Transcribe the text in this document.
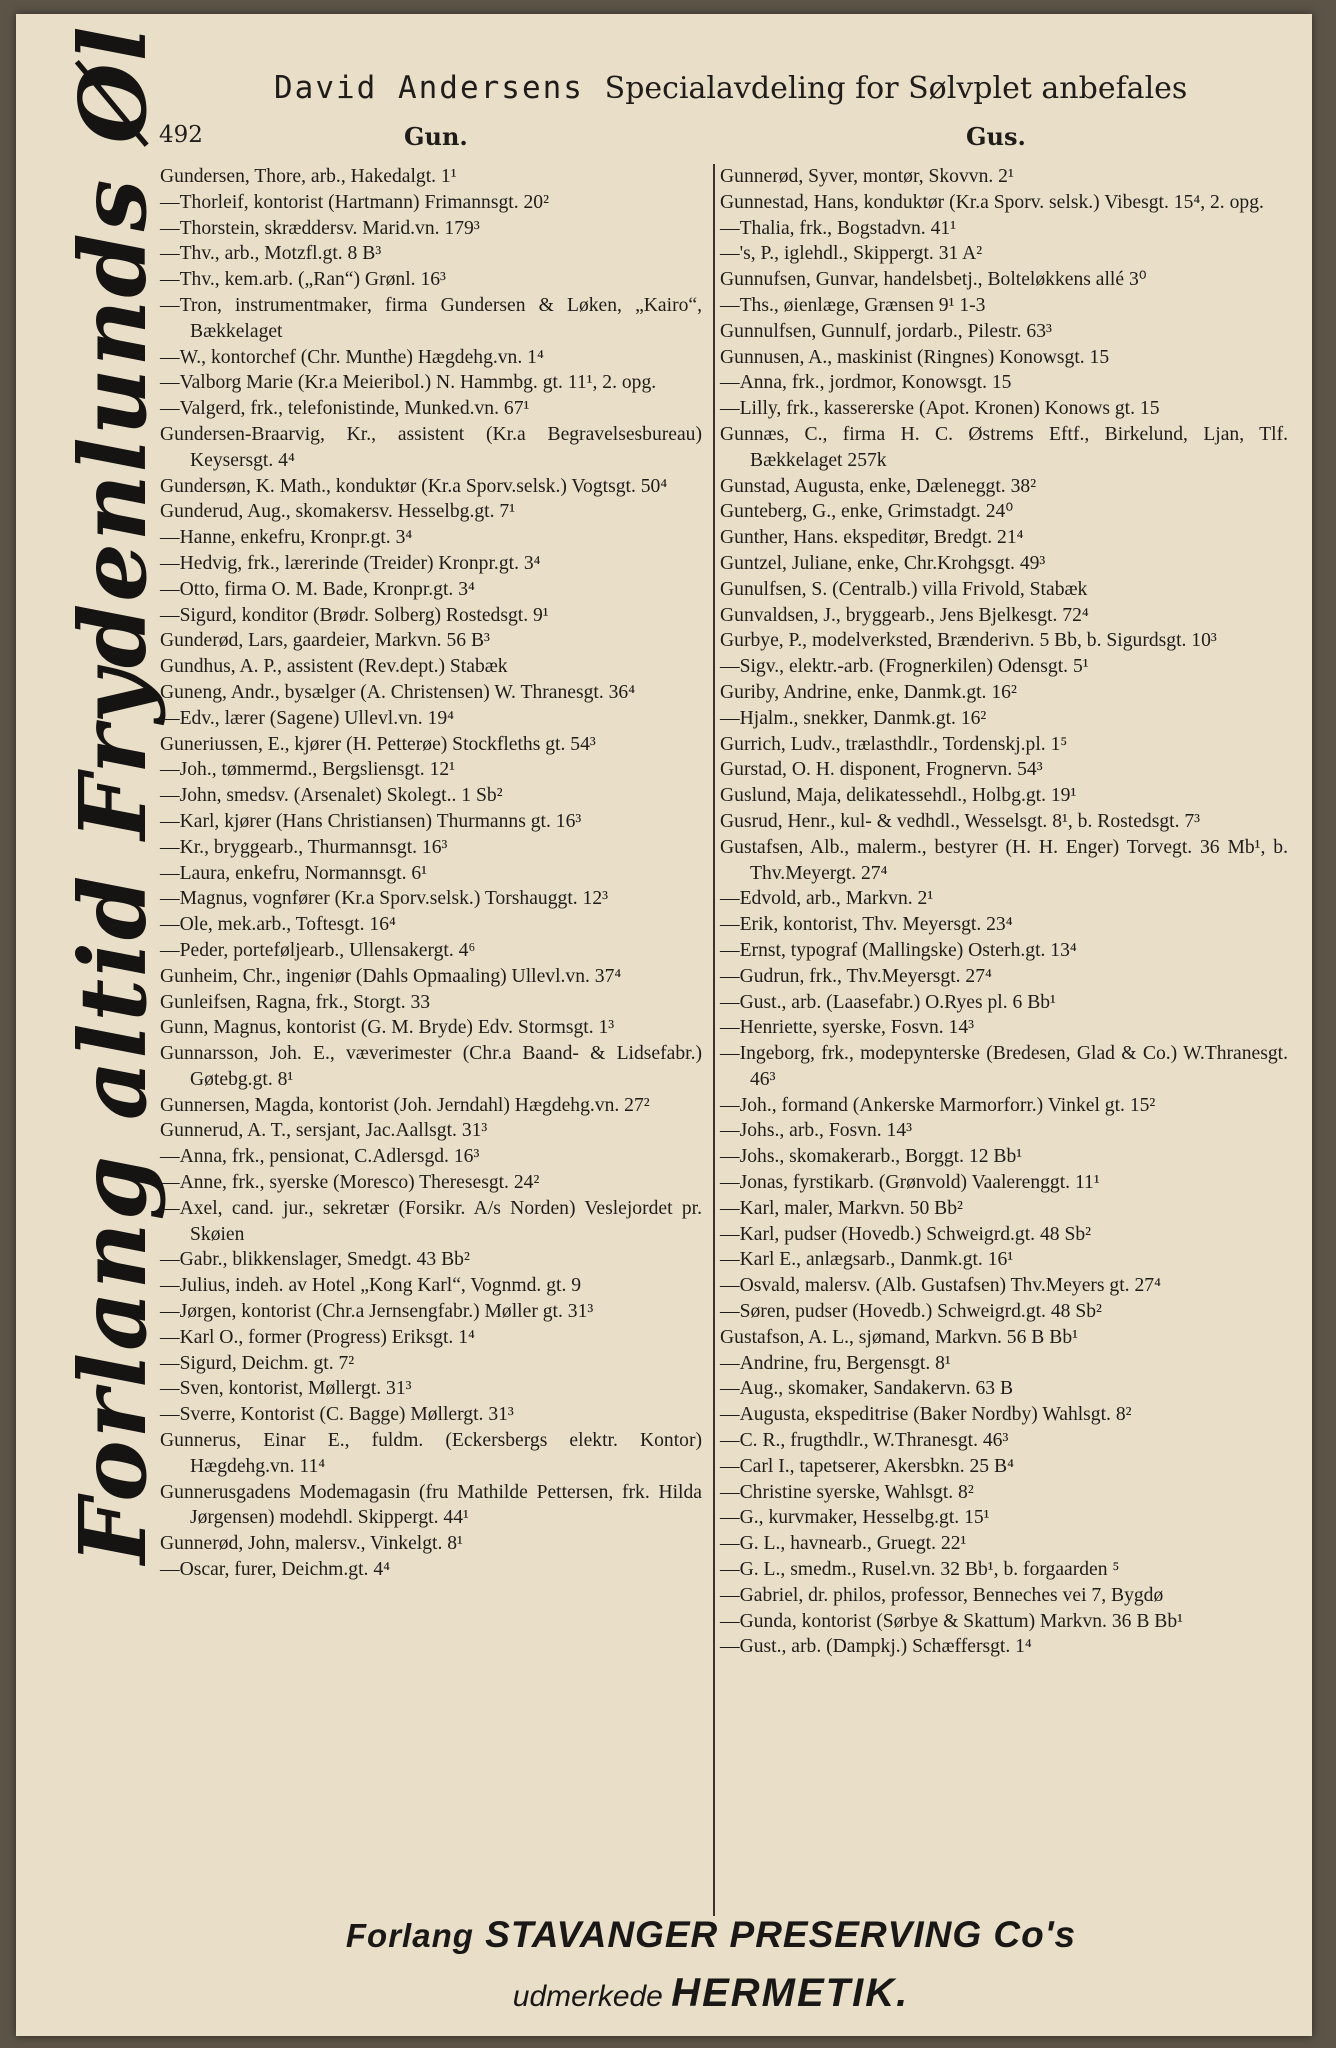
David Andersens Specialavdeling for Sølvplet anbefales
492	Gun.	Gus.
Forlang altid Frydenlunds Øl
Gundersen, Thore, arb., Hakedalgt. 1¹
—Thorleif, kontorist (Hartmann) Frimannsgt. 20²
—Thorstein, skræddersv. Marid.vn. 179³
—Thv., arb., Motzfl.gt. 8 B³
—Thv., kem.arb. („Ran“) Grønl. 16³
—Tron, instrumentmaker, firma Gundersen & Løken, „Kairo“, Bækkelaget
—W., kontorchef (Chr. Munthe) Hægdehg.vn. 1⁴
—Valborg Marie (Kr.a Meieribol.) N. Hammbg. gt. 11¹, 2. opg.
—Valgerd, frk., telefonistinde, Munked.vn. 67¹
Gundersen-Braarvig, Kr., assistent (Kr.a Begravelsesbureau) Keysersgt. 4⁴
Gundersøn, K. Math., konduktør (Kr.a Sporv.selsk.) Vogtsgt. 50⁴
Gunderud, Aug., skomakersv. Hesselbg.gt. 7¹
—Hanne, enkefru, Kronpr.gt. 3⁴
—Hedvig, frk., lærerinde (Treider) Kronpr.gt. 3⁴
—Otto, firma O. M. Bade, Kronpr.gt. 3⁴
—Sigurd, konditor (Brødr. Solberg) Rostedsgt. 9¹
Gunderød, Lars, gaardeier, Markvn. 56 B³
Gundhus, A. P., assistent (Rev.dept.) Stabæk
Guneng, Andr., bysælger (A. Christensen) W. Thranesgt. 36⁴
—Edv., lærer (Sagene) Ullevl.vn. 19⁴
Guneriussen, E., kjører (H. Petterøe) Stockfleths gt. 54³
—Joh., tømmermd., Bergsliensgt. 12¹
—John, smedsv. (Arsenalet) Skolegt.. 1 Sb²
—Karl, kjører (Hans Christiansen) Thurmanns gt. 16³
—Kr., bryggearb., Thurmannsgt. 16³
—Laura, enkefru, Normannsgt. 6¹
—Magnus, vognfører (Kr.a Sporv.selsk.) Torshauggt. 12³
—Ole, mek.arb., Toftesgt. 16⁴
—Peder, porteføljearb., Ullensakergt. 4⁶
Gunheim, Chr., ingeniør (Dahls Opmaaling) Ullevl.vn. 37⁴
Gunleifsen, Ragna, frk., Storgt. 33
Gunn, Magnus, kontorist (G. M. Bryde) Edv. Stormsgt. 1³
Gunnarsson, Joh. E., væverimester (Chr.a Baand- & Lidsefabr.) Gøtebg.gt. 8¹
Gunnersen, Magda, kontorist (Joh. Jerndahl) Hægdehg.vn. 27²
Gunnerud, A. T., sersjant, Jac.Aallsgt. 31³
—Anna, frk., pensionat, C.Adlersgd. 16³
—Anne, frk., syerske (Moresco) Theresesgt. 24²
—Axel, cand. jur., sekretær (Forsikr. A/s Norden) Veslejordet pr. Skøien
—Gabr., blikkenslager, Smedgt. 43 Bb²
—Julius, indeh. av Hotel „Kong Karl“, Vognmd. gt. 9
—Jørgen, kontorist (Chr.a Jernsengfabr.) Møller gt. 31³
—Karl O., former (Progress) Eriksgt. 1⁴
—Sigurd, Deichm. gt. 7²
—Sven, kontorist, Møllergt. 31³
—Sverre, Kontorist (C. Bagge) Møllergt. 31³
Gunnerus, Einar E., fuldm. (Eckersbergs elektr. Kontor) Hægdehg.vn. 11⁴
Gunnerusgadens Modemagasin (fru Mathilde Pettersen, frk. Hilda Jørgensen) modehdl. Skippergt. 44¹
Gunnerød, John, malersv., Vinkelgt. 8¹
—Oscar, furer, Deichm.gt. 4⁴
Gunnerød, Syver, montør, Skovvn. 2¹
Gunnestad, Hans, konduktør (Kr.a Sporv. selsk.) Vibesgt. 15⁴, 2. opg.
—Thalia, frk., Bogstadvn. 41¹
—'s, P., iglehdl., Skippergt. 31 A²
Gunnufsen, Gunvar, handelsbetj., Bolteløkkens allé 3⁰
—Ths., øienlæge, Grænsen 9¹ 1-3
Gunnulfsen, Gunnulf, jordarb., Pilestr. 63³
Gunnusen, A., maskinist (Ringnes) Konowsgt. 15
—Anna, frk., jordmor, Konowsgt. 15
—Lilly, frk., kassererske (Apot. Kronen) Konows gt. 15
Gunnæs, C., firma H. C. Østrems Eftf., Birkelund, Ljan, Tlf. Bækkelaget 257k
Gunstad, Augusta, enke, Dæleneggt. 38²
Gunteberg, G., enke, Grimstadgt. 24⁰
Gunther, Hans. ekspeditør, Bredgt. 21⁴
Guntzel, Juliane, enke, Chr.Krohgsgt. 49³
Gunulfsen, S. (Centralb.) villa Frivold, Stabæk
Gunvaldsen, J., bryggearb., Jens Bjelkesgt. 72⁴
Gurbye, P., modelverksted, Brænderivn. 5 Bb, b. Sigurdsgt. 10³
—Sigv., elektr.-arb. (Frognerkilen) Odensgt. 5¹
Guriby, Andrine, enke, Danmk.gt. 16²
—Hjalm., snekker, Danmk.gt. 16²
Gurrich, Ludv., trælasthdlr., Tordenskj.pl. 1⁵
Gurstad, O. H. disponent, Frognervn. 54³
Guslund, Maja, delikatessehdl., Holbg.gt. 19¹
Gusrud, Henr., kul- & vedhdl., Wesselsgt. 8¹, b. Rostedsgt. 7³
Gustafsen, Alb., malerm., bestyrer (H. H. Enger) Torvegt. 36 Mb¹, b. Thv.Meyergt. 27⁴
—Edvold, arb., Markvn. 2¹
—Erik, kontorist, Thv. Meyersgt. 23⁴
—Ernst, typograf (Mallingske) Osterh.gt. 13⁴
—Gudrun, frk., Thv.Meyersgt. 27⁴
—Gust., arb. (Laasefabr.) O.Ryes pl. 6 Bb¹
—Henriette, syerske, Fosvn. 14³
—Ingeborg, frk., modepynterske (Bredesen, Glad & Co.) W.Thranesgt. 46³
—Joh., formand (Ankerske Marmorforr.) Vinkel gt. 15²
—Johs., arb., Fosvn. 14³
—Johs., skomakerarb., Borggt. 12 Bb¹
—Jonas, fyrstikarb. (Grønvold) Vaalerenggt. 11¹
—Karl, maler, Markvn. 50 Bb²
—Karl, pudser (Hovedb.) Schweigrd.gt. 48 Sb²
—Karl E., anlægsarb., Danmk.gt. 16¹
—Osvald, malersv. (Alb. Gustafsen) Thv.Meyers gt. 27⁴
—Søren, pudser (Hovedb.) Schweigrd.gt. 48 Sb²
Gustafson, A. L., sjømand, Markvn. 56 B Bb¹
—Andrine, fru, Bergensgt. 8¹
—Aug., skomaker, Sandakervn. 63 B
—Augusta, ekspeditrise (Baker Nordby) Wahlsgt. 8²
—C. R., frugthdlr., W.Thranesgt. 46³
—Carl I., tapetserer, Akersbkn. 25 B⁴
—Christine syerske, Wahlsgt. 8²
—G., kurvmaker, Hesselbg.gt. 15¹
—G. L., havnearb., Gruegt. 22¹
—G. L., smedm., Rusel.vn. 32 Bb¹, b. forgaarden ⁵
—Gabriel, dr. philos, professor, Benneches vei 7, Bygdø
—Gunda, kontorist (Sørbye & Skattum) Markvn. 36 B Bb¹
—Gust., arb. (Dampkj.) Schæffersgt. 1⁴
Forlang STAVANGER PRESERVING Co's
udmerkede HERMETIK.
